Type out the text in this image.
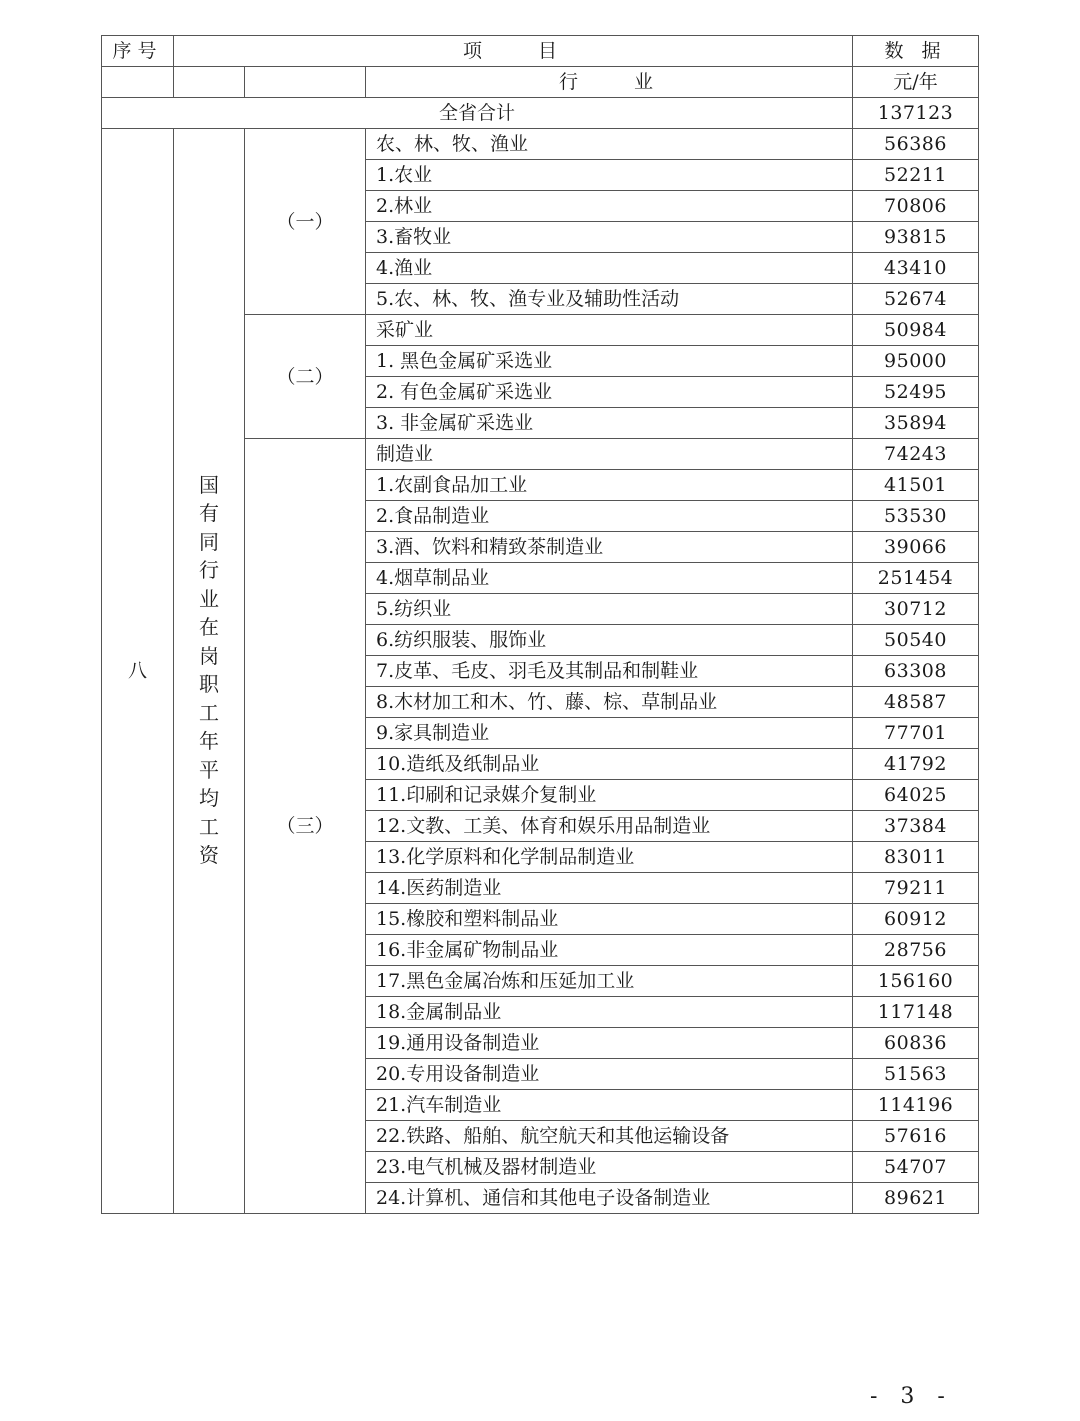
序号	项　　目			数 据
			行　　业	元/年
全省合计				137123
八	国有同行业在岗职工年平均工资	（一）	农、林、牧、渔业	56386
			1.农业	52211
			2.林业	70806
			3.畜牧业	93815
			4.渔业	43410
			5.农、林、牧、渔专业及辅助性活动	52674
		（二）	采矿业	50984
			1. 黑色金属矿采选业	95000
			2. 有色金属矿采选业	52495
			3. 非金属矿采选业	35894
		（三）	制造业	74243
			1.农副食品加工业	41501
			2.食品制造业	53530
			3.酒、饮料和精致茶制造业	39066
			4.烟草制品业	251454
			5.纺织业	30712
			6.纺织服装、服饰业	50540
			7.皮革、毛皮、羽毛及其制品和制鞋业	63308
			8.木材加工和木、竹、藤、棕、草制品业	48587
			9.家具制造业	77701
			10.造纸及纸制品业	41792
			11.印刷和记录媒介复制业	64025
			12.文教、工美、体育和娱乐用品制造业	37384
			13.化学原料和化学制品制造业	83011
			14.医药制造业	79211
			15.橡胶和塑料制品业	60912
			16.非金属矿物制品业	28756
			17.黑色金属冶炼和压延加工业	156160
			18.金属制品业	117148
			19.通用设备制造业	60836
			20.专用设备制造业	51563
			21.汽车制造业	114196
			22.铁路、船舶、航空航天和其他运输设备	57616
			23.电气机械及器材制造业	54707
			24.计算机、通信和其他电子设备制造业	89621
- 3 -
